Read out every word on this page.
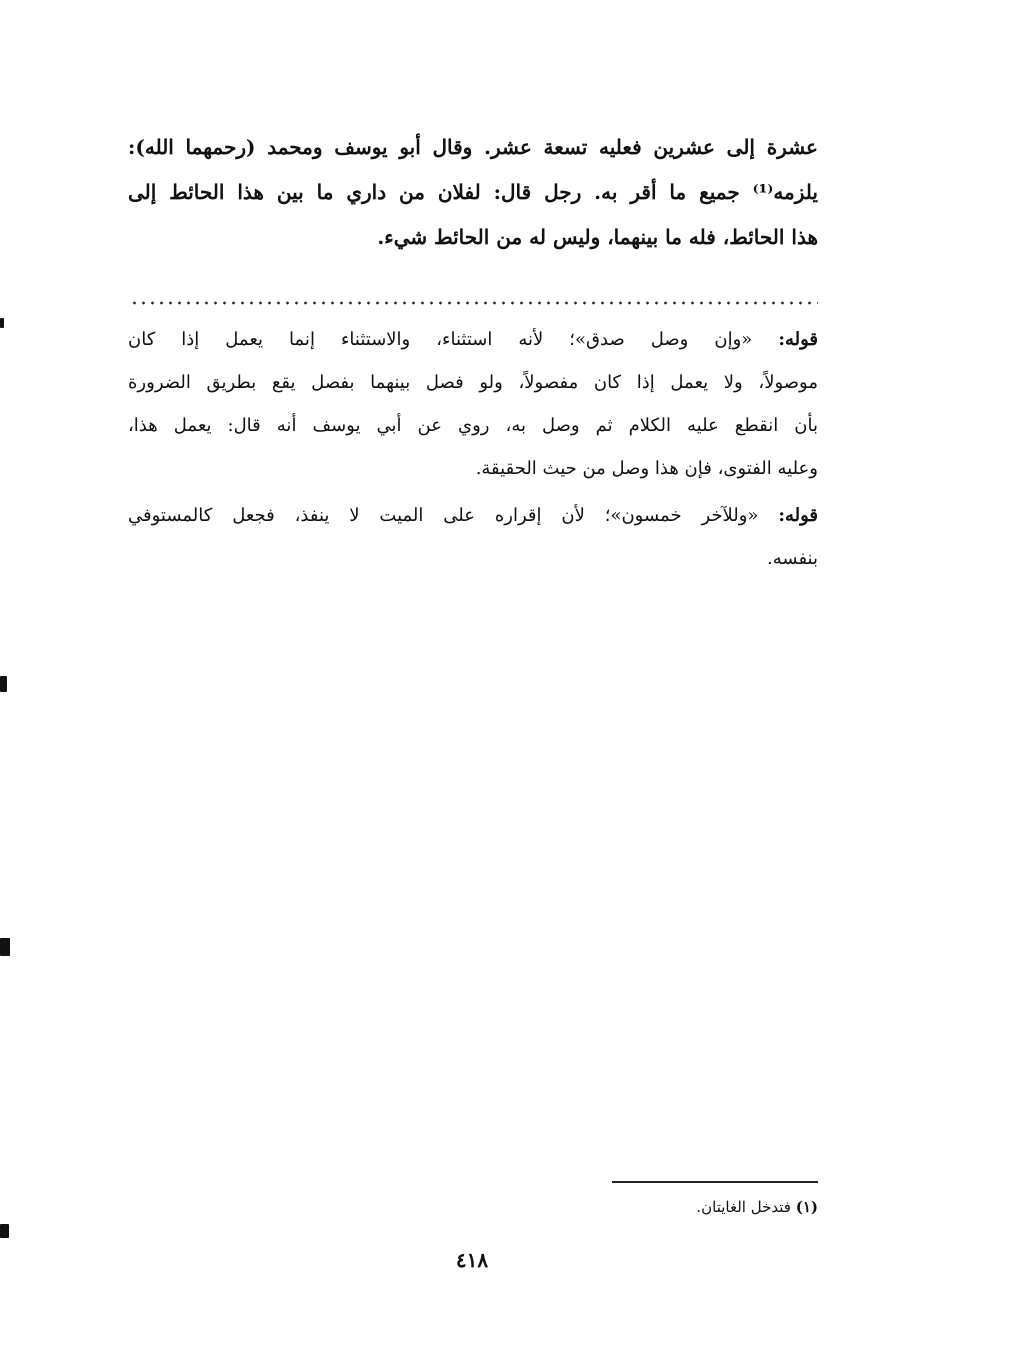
عشرة إلى عشرين فعليه تسعة عشر. وقال أبو يوسف ومحمد (رحمهما الله):
يلزمه⁽¹⁾ جميع ما أقر به. رجل قال: لفلان من داري ما بين هذا الحائط إلى
هذا الحائط، فله ما بينهما، وليس له من الحائط شيء.
قوله: «وإن وصل صدق»؛ لأنه استثناء، والاستثناء إنما يعمل إذا كان
موصولاً، ولا يعمل إذا كان مفصولاً، ولو فصل بينهما بفصل يقع بطريق الضرورة
بأن انقطع عليه الكلام ثم وصل به، روي عن أبي يوسف أنه قال: يعمل هذا،
وعليه الفتوى، فإن هذا وصل من حيث الحقيقة.
قوله: «وللآخر خمسون»؛ لأن إقراره على الميت لا ينفذ، فجعل كالمستوفي
بنفسه.
(١) فتدخل الغايتان.
٤١٨
